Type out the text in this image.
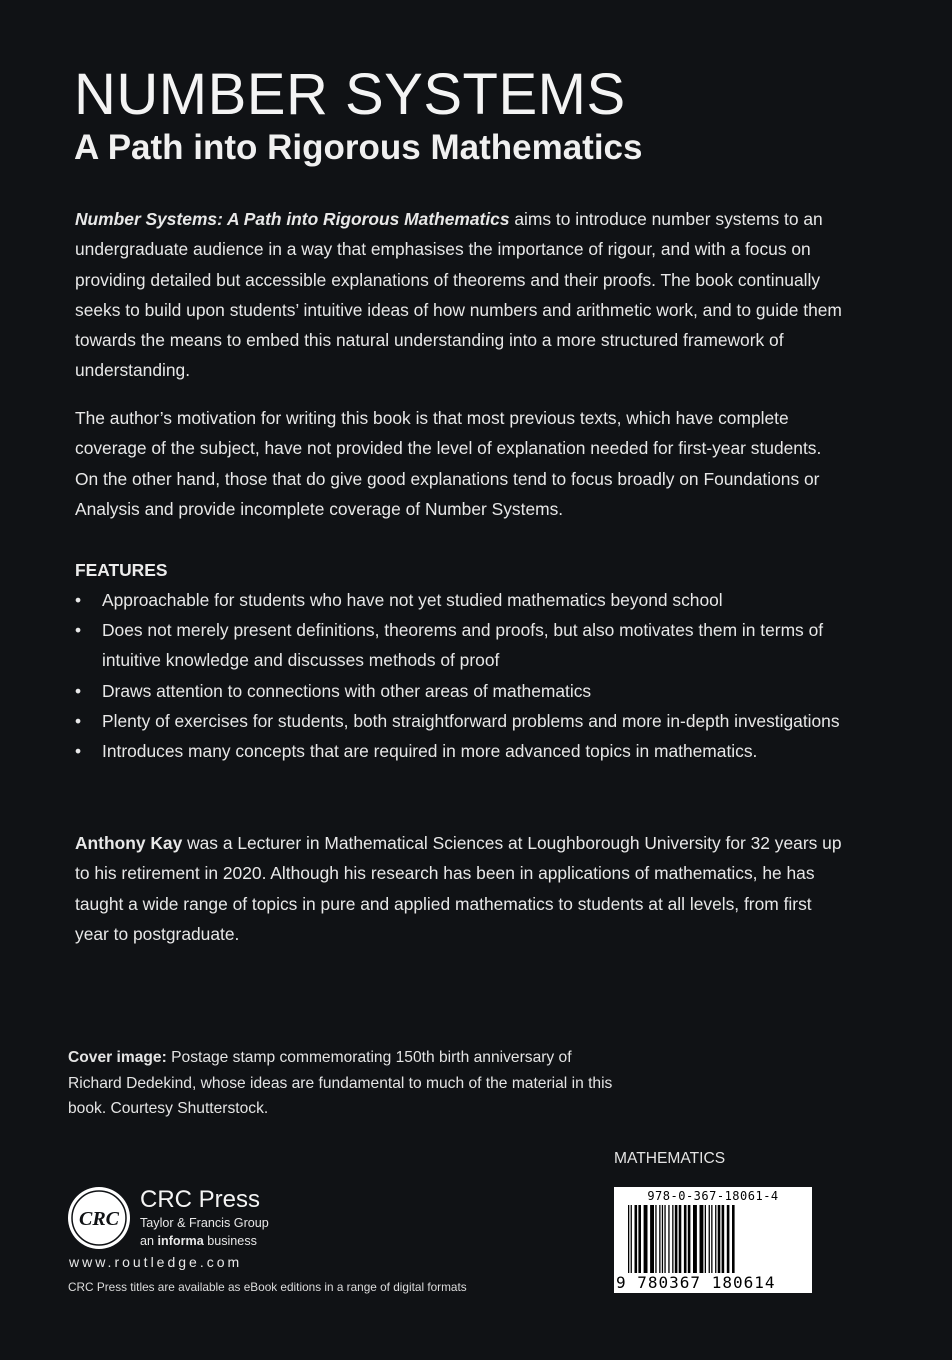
NUMBER SYSTEMS
A Path into Rigorous Mathematics

Number Systems: A Path into Rigorous Mathematics aims to introduce number systems to an undergraduate audience in a way that emphasises the importance of rigour, and with a focus on providing detailed but accessible explanations of theorems and their proofs. The book continually seeks to build upon students’ intuitive ideas of how numbers and arithmetic work, and to guide them towards the means to embed this natural understanding into a more structured framework of understanding.

The author’s motivation for writing this book is that most previous texts, which have complete coverage of the subject, have not provided the level of explanation needed for first-year students. On the other hand, those that do give good explanations tend to focus broadly on Foundations or Analysis and provide incomplete coverage of Number Systems.

FEATURES
• Approachable for students who have not yet studied mathematics beyond school
• Does not merely present definitions, theorems and proofs, but also motivates them in terms of intuitive knowledge and discusses methods of proof
• Draws attention to connections with other areas of mathematics
• Plenty of exercises for students, both straightforward problems and more in-depth investigations
• Introduces many concepts that are required in more advanced topics in mathematics.

Anthony Kay was a Lecturer in Mathematical Sciences at Loughborough University for 32 years up to his retirement in 2020. Although his research has been in applications of mathematics, he has taught a wide range of topics in pure and applied mathematics to students at all levels, from first year to postgraduate.

Cover image: Postage stamp commemorating 150th birth anniversary of Richard Dedekind, whose ideas are fundamental to much of the material in this book. Courtesy Shutterstock.

MATHEMATICS
978-0-367-18061-4
9 780367 180614
CRC
CRC Press
Taylor & Francis Group
an informa business
www.routledge.com
CRC Press titles are available as eBook editions in a range of digital formats
